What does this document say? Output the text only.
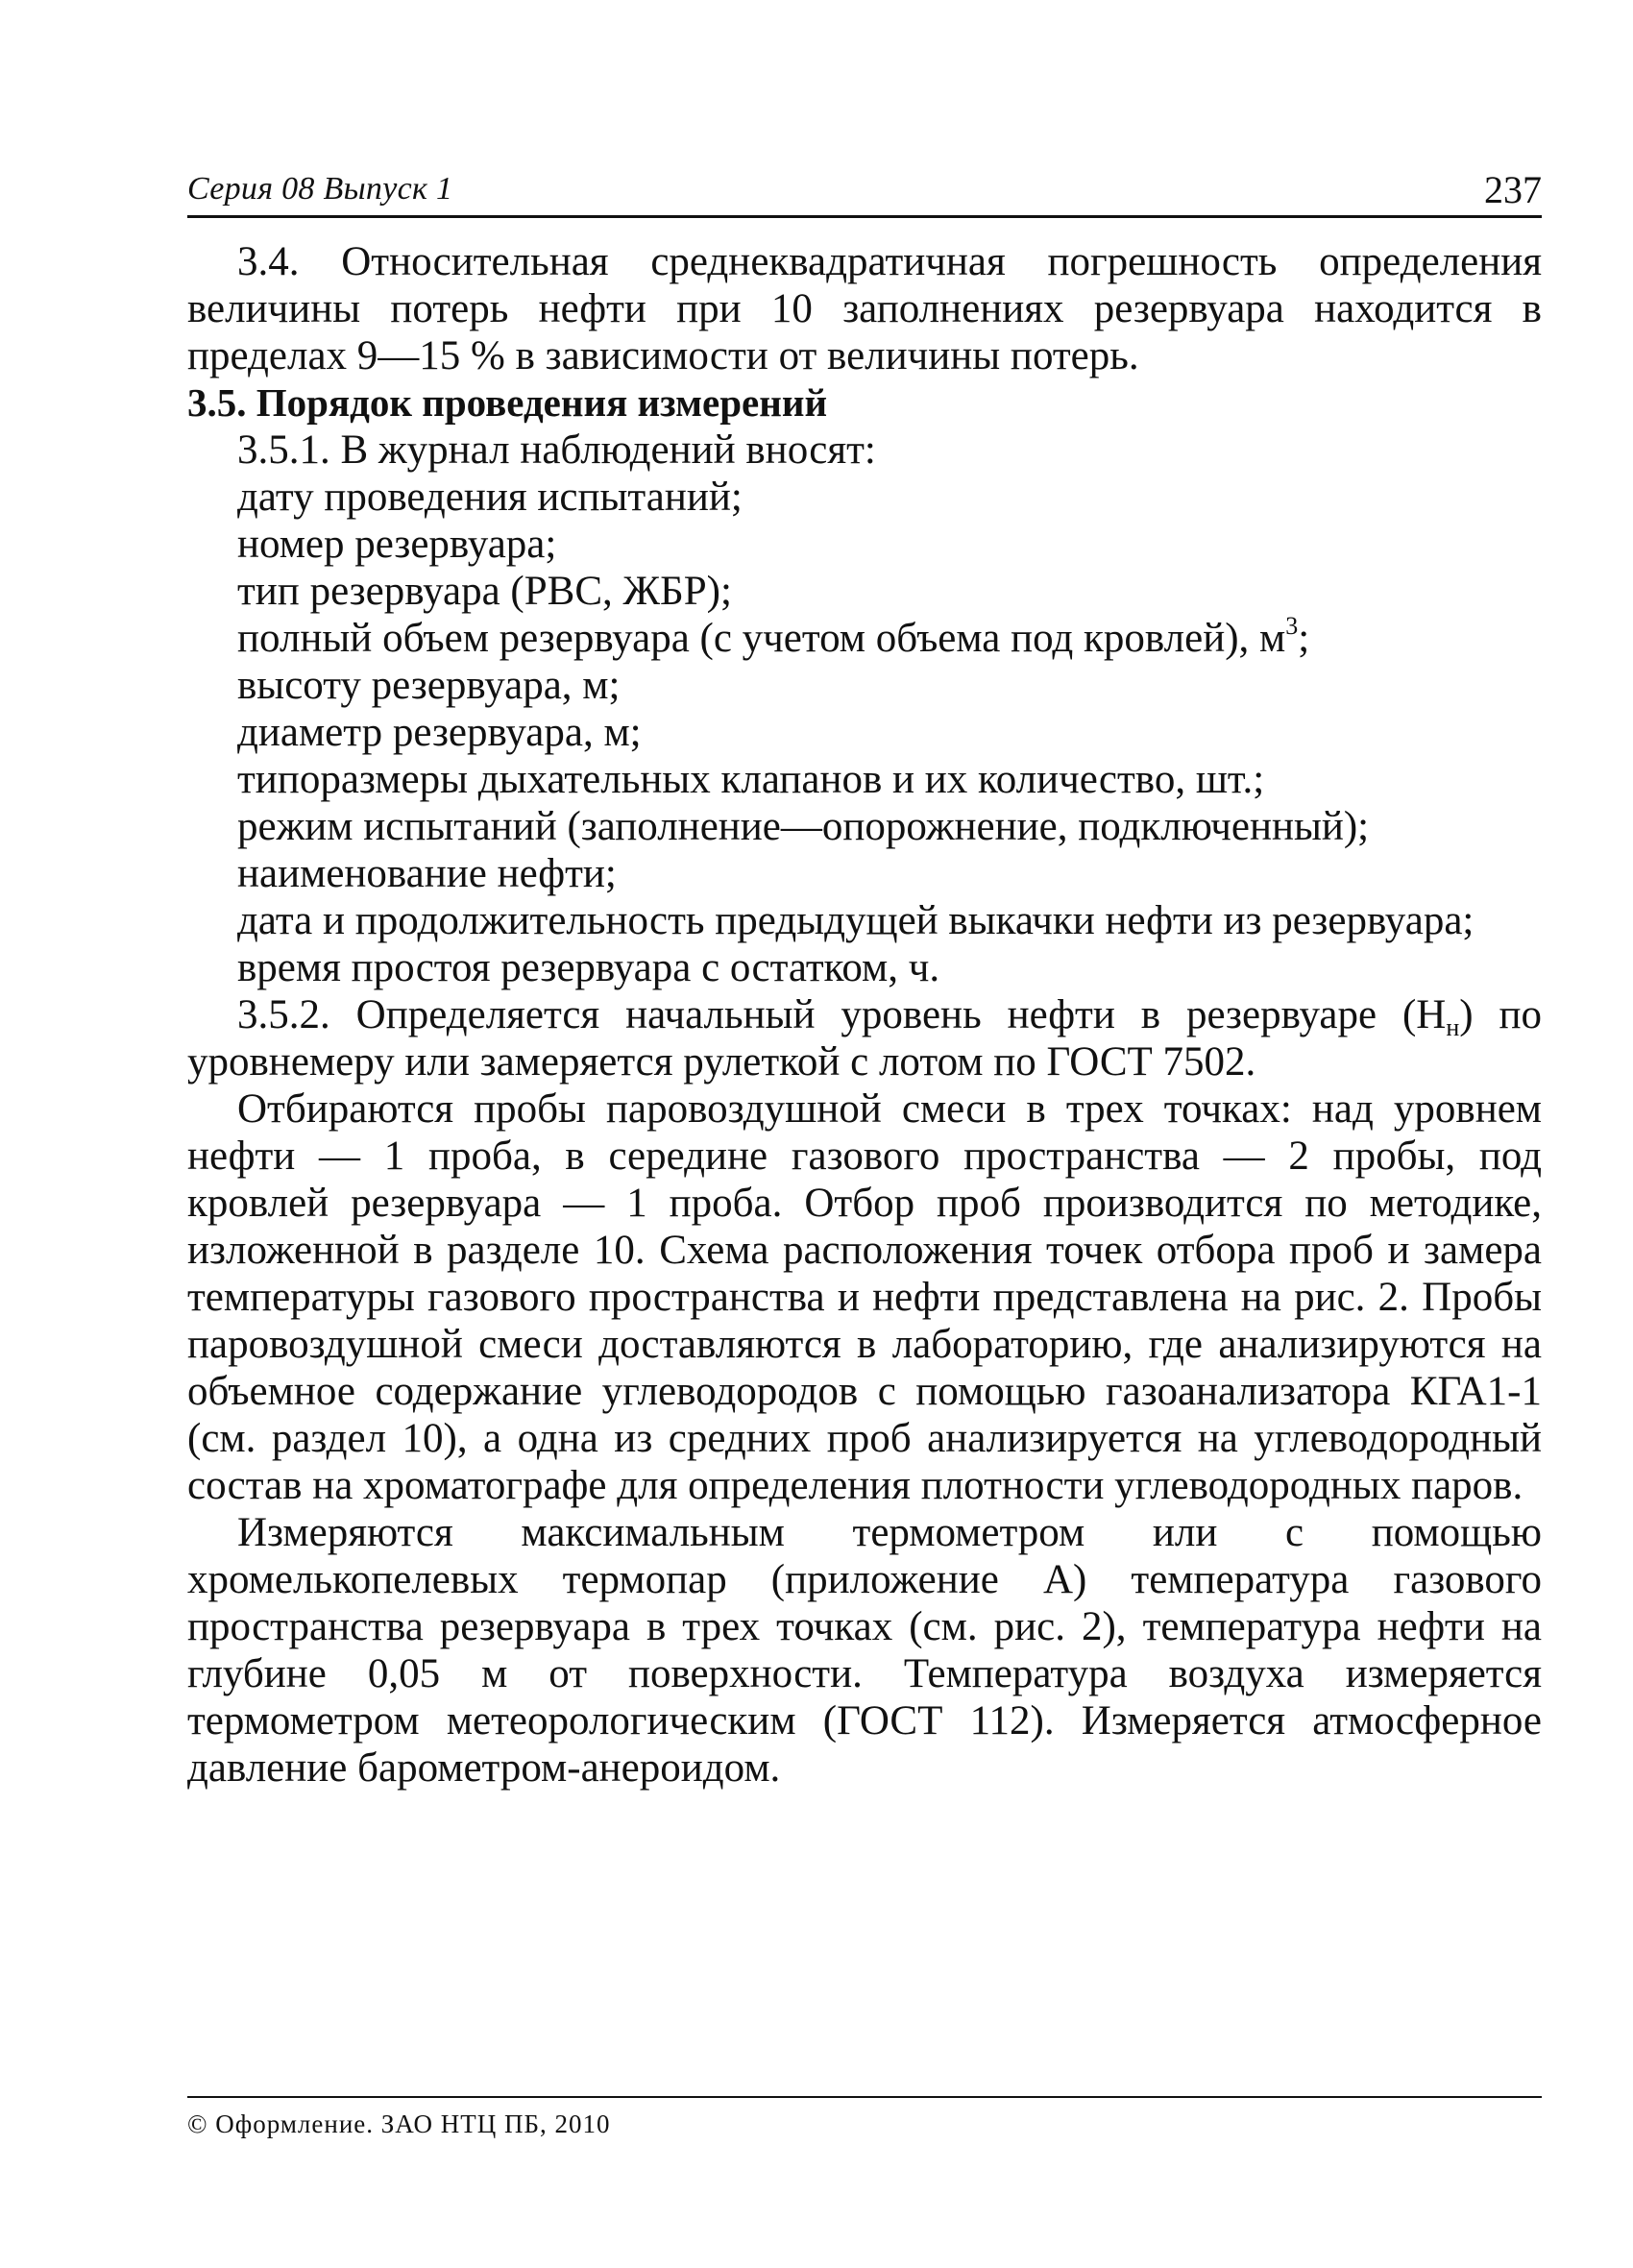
Серия 08 Выпуск 1	237

3.4. Относительная среднеквадратичная погрешность определения величины потерь нефти при 10 заполнениях резервуара находится в пределах 9—15 % в зависимости от величины потерь.

3.5. Порядок проведения измерений

3.5.1. В журнал наблюдений вносят:

дату проведения испытаний;

номер резервуара;

тип резервуара (РВС, ЖБР);

полный объем резервуара (с учетом объема под кровлей), $м^3$;

высоту резервуара, м;

диаметр резервуара, м;

типоразмеры дыхательных клапанов и их количество, шт.;

режим испытаний (заполнение—опорожнение, подключенный);

наименование нефти;

дата и продолжительность предыдущей выкачки нефти из резервуара;

время простоя резервуара с остатком, ч.

3.5.2. Определяется начальный уровень нефти в резервуаре $(Н_н)$ по уровнемеру или замеряется рулеткой с лотом по ГОСТ 7502.

Отбираются пробы паровоздушной смеси в трех точках: над уровнем нефти — 1 проба, в середине газового пространства — 2 пробы, под кровлей резервуара — 1 проба. Отбор проб производится по методике, изложенной в разделе 10. Схема расположения точек отбора проб и замера температуры газового пространства и нефти представлена на рис. 2. Пробы паровоздушной смеси доставляются в лабораторию, где анализируются на объемное содержание углеводородов с помощью газоанализатора КГА1-1 (см. раздел 10), а одна из средних проб анализируется на углеводородный состав на хроматографе для определения плотности углеводородных паров.

Измеряются максимальным термометром или с помощью хромелькопелевых термопар (приложение А) температура газового пространства резервуара в трех точках (см. рис. 2), температура нефти на глубине 0,05 м от поверхности. Температура воздуха измеряется термометром метеорологическим (ГОСТ 112). Измеряется атмосферное давление барометром-анероидом.

© Оформление. ЗАО НТЦ ПБ, 2010
